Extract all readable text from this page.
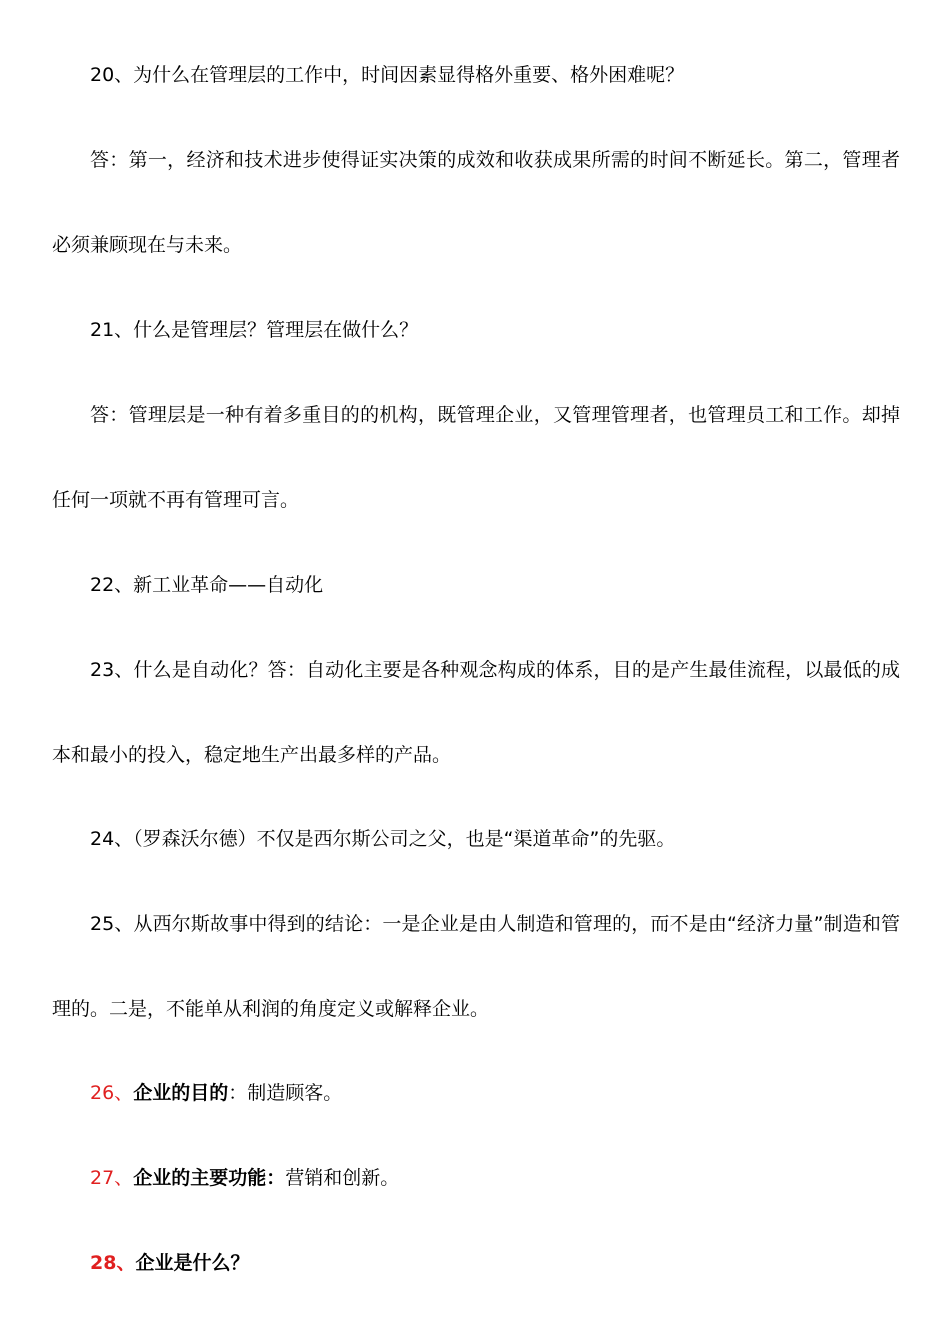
20、为什么在管理层的工作中，时间因素显得格外重要、格外困难呢？

答：第一，经济和技术进步使得证实决策的成效和收获成果所需的时间不断延长。第二，管理者必须兼顾现在与未来。

21、什么是管理层？管理层在做什么？

答：管理层是一种有着多重目的的机构，既管理企业，又管理管理者，也管理员工和工作。却掉任何一项就不再有管理可言。

22、新工业革命——自动化

23、什么是自动化？答：自动化主要是各种观念构成的体系，目的是产生最佳流程，以最低的成本和最小的投入，稳定地生产出最多样的产品。

24、（罗森沃尔德）不仅是西尔斯公司之父，也是“渠道革命”的先驱。

25、从西尔斯故事中得到的结论：一是企业是由人制造和管理的，而不是由“经济力量”制造和管理的。二是，不能单从利润的角度定义或解释企业。

26、企业的目的：制造顾客。

27、企业的主要功能：营销和创新。

28、企业是什么？
